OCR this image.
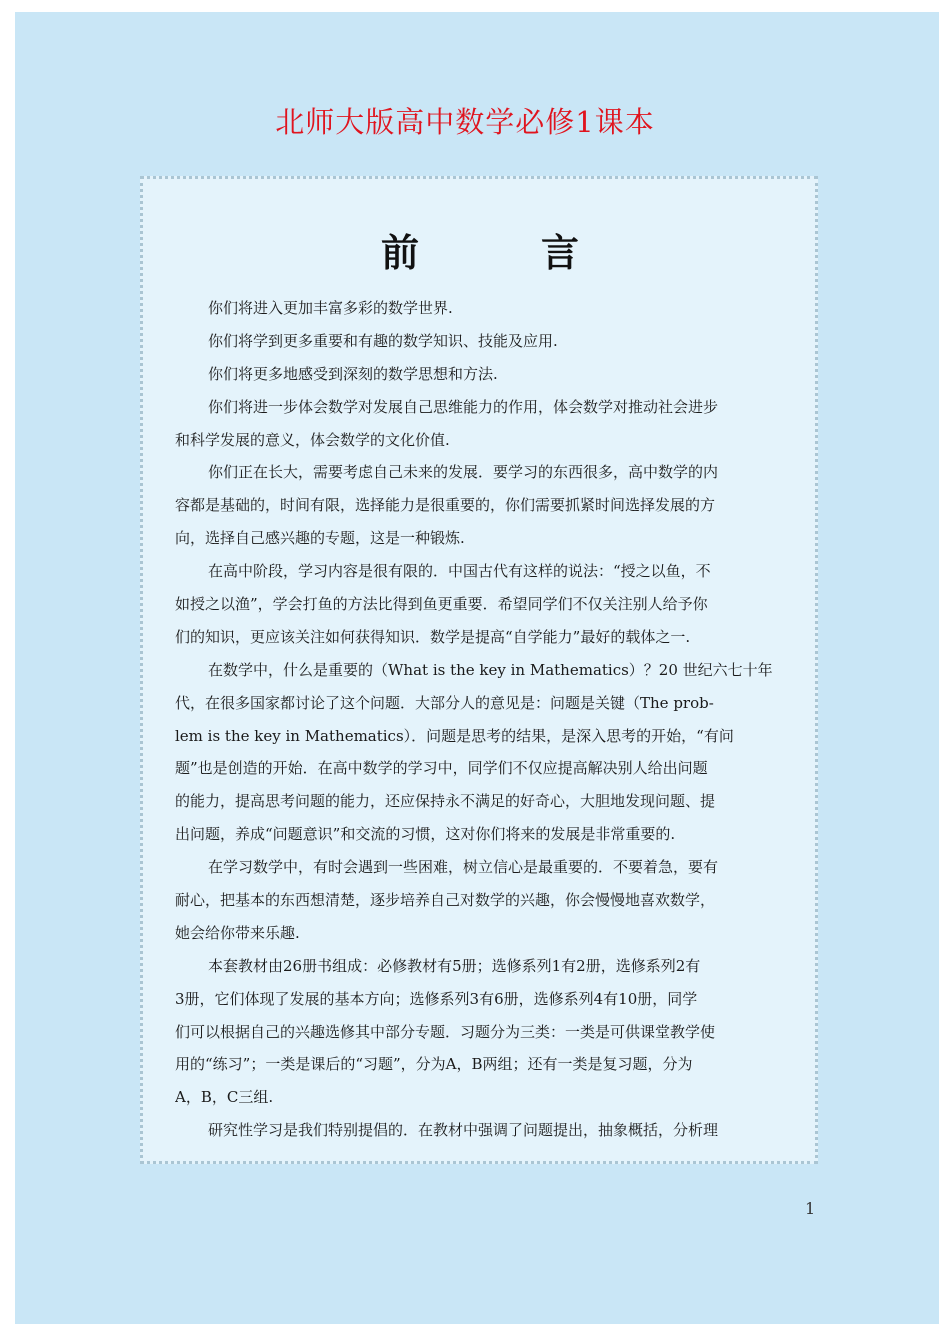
北师大版高中数学必修1课本
前	言
你们将进入更加丰富多彩的数学世界.
你们将学到更多重要和有趣的数学知识、技能及应用.
你们将更多地感受到深刻的数学思想和方法.
你们将进一步体会数学对发展自己思维能力的作用，体会数学对推动社会进步
和科学发展的意义，体会数学的文化价值.
你们正在长大，需要考虑自己未来的发展．要学习的东西很多，高中数学的内
容都是基础的，时间有限，选择能力是很重要的，你们需要抓紧时间选择发展的方
向，选择自己感兴趣的专题，这是一种锻炼.
在高中阶段，学习内容是很有限的．中国古代有这样的说法：“授之以鱼，不
如授之以渔”，学会打鱼的方法比得到鱼更重要．希望同学们不仅关注别人给予你
们的知识，更应该关注如何获得知识．数学是提高“自学能力”最好的载体之一.
在数学中，什么是重要的（What is the key in Mathematics）？20 世纪六七十年
代，在很多国家都讨论了这个问题．大部分人的意见是：问题是关键（The prob-
lem is the key in Mathematics）．问题是思考的结果，是深入思考的开始，“有问
题”也是创造的开始．在高中数学的学习中，同学们不仅应提高解决别人给出问题
的能力，提高思考问题的能力，还应保持永不满足的好奇心，大胆地发现问题、提
出问题，养成“问题意识”和交流的习惯，这对你们将来的发展是非常重要的.
在学习数学中，有时会遇到一些困难，树立信心是最重要的．不要着急，要有
耐心，把基本的东西想清楚，逐步培养自己对数学的兴趣，你会慢慢地喜欢数学，
她会给你带来乐趣.
本套教材由26册书组成：必修教材有5册；选修系列1有2册，选修系列2有
3册，它们体现了发展的基本方向；选修系列3有6册，选修系列4有10册，同学
们可以根据自己的兴趣选修其中部分专题．习题分为三类：一类是可供课堂教学使
用的“练习”；一类是课后的“习题”，分为A，B两组；还有一类是复习题，分为
A，B，C三组.
研究性学习是我们特别提倡的．在教材中强调了问题提出，抽象概括，分析理
1
